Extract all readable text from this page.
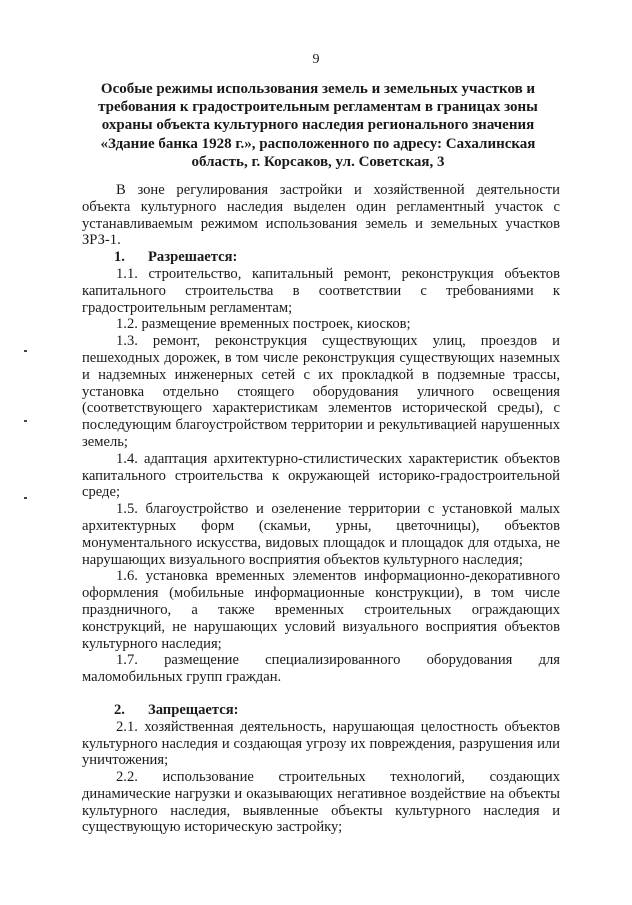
9
Особые режимы использования земель и земельных участков и требования к градостроительным регламентам в границах зоны охраны объекта культурного наследия регионального значения «Здание банка 1928 г.», расположенного по адресу: Сахалинская область, г. Корсаков, ул. Советская, 3

В зоне регулирования застройки и хозяйственной деятельности объекта культурного наследия выделен один регламентный участок с устанавливаемым режимом использования земель и земельных участков ЗРЗ-1.

1. Разрешается:

1.1. строительство, капитальный ремонт, реконструкция объектов капитального строительства в соответствии с требованиями к градостроительным регламентам;

1.2. размещение временных построек, киосков;

1.3. ремонт, реконструкция существующих улиц, проездов и пешеходных дорожек, в том числе реконструкция существующих наземных и надземных инженерных сетей с их прокладкой в подземные трассы, установка отдельно стоящего оборудования уличного освещения (соответствующего характеристикам элементов исторической среды), с последующим благоустройством территории и рекультивацией нарушенных земель;

1.4. адаптация архитектурно-стилистических характеристик объектов капитального строительства к окружающей историко-градостроительной среде;

1.5. благоустройство и озеленение территории с установкой малых архитектурных форм (скамьи, урны, цветочницы), объектов монументального искусства, видовых площадок и площадок для отдыха, не нарушающих визуального восприятия объектов культурного наследия;

1.6. установка временных элементов информационно-декоративного оформления (мобильные информационные конструкции), в том числе праздничного, а также временных строительных ограждающих конструкций, не нарушающих условий визуального восприятия объектов культурного наследия;

1.7. размещение специализированного оборудования для маломобильных групп граждан.

2. Запрещается:

2.1. хозяйственная деятельность, нарушающая целостность объектов культурного наследия и создающая угрозу их повреждения, разрушения или уничтожения;

2.2. использование строительных технологий, создающих динамические нагрузки и оказывающих негативное воздействие на объекты культурного наследия, выявленные объекты культурного наследия и существующую историческую застройку;
